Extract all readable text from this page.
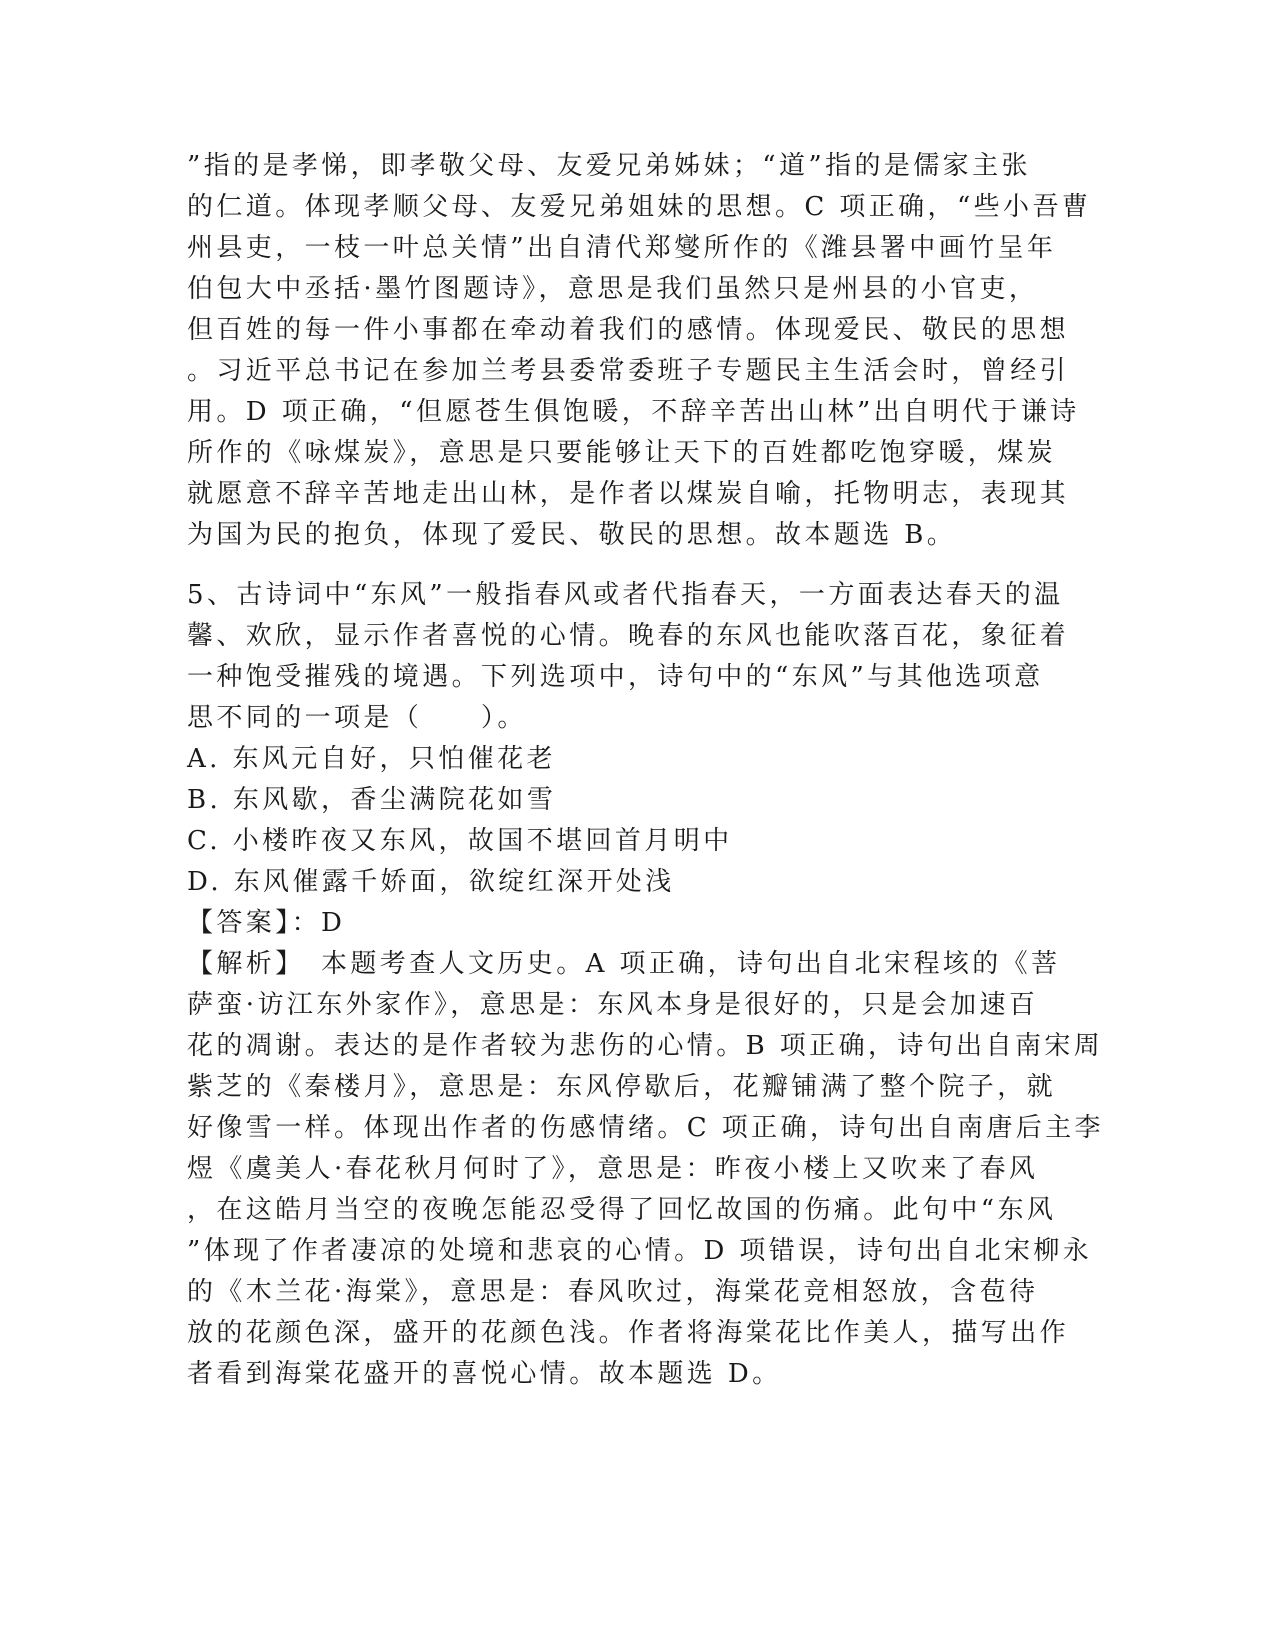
”指的是孝悌，即孝敬父母、友爱兄弟姊妹；“道”指的是儒家主张
的仁道。体现孝顺父母、友爱兄弟姐妹的思想。C 项正确，“些小吾曹
州县吏，一枝一叶总关情”出自清代郑燮所作的《潍县署中画竹呈年
伯包大中丞括·墨竹图题诗》，意思是我们虽然只是州县的小官吏，
但百姓的每一件小事都在牵动着我们的感情。体现爱民、敬民的思想
。习近平总书记在参加兰考县委常委班子专题民主生活会时，曾经引
用。D 项正确，“但愿苍生俱饱暖，不辞辛苦出山林”出自明代于谦诗
所作的《咏煤炭》，意思是只要能够让天下的百姓都吃饱穿暖，煤炭
就愿意不辞辛苦地走出山林，是作者以煤炭自喻，托物明志，表现其
为国为民的抱负，体现了爱民、敬民的思想。故本题选 B。
5、古诗词中“东风”一般指春风或者代指春天，一方面表达春天的温
馨、欢欣，显示作者喜悦的心情。晚春的东风也能吹落百花，象征着
一种饱受摧残的境遇。下列选项中，诗句中的“东风”与其他选项意
思不同的一项是（　　）。
A. 东风元自好，只怕催花老
B. 东风歇，香尘满院花如雪
C. 小楼昨夜又东风，故国不堪回首月明中
D. 东风催露千娇面，欲绽红深开处浅
【答案】：D
【解析】　本题考查人文历史。A 项正确，诗句出自北宋程垓的《菩
萨蛮·访江东外家作》，意思是：东风本身是很好的，只是会加速百
花的凋谢。表达的是作者较为悲伤的心情。B 项正确，诗句出自南宋周
紫芝的《秦楼月》，意思是：东风停歇后，花瓣铺满了整个院子，就
好像雪一样。体现出作者的伤感情绪。C 项正确，诗句出自南唐后主李
煜《虞美人·春花秋月何时了》，意思是：昨夜小楼上又吹来了春风
，在这皓月当空的夜晚怎能忍受得了回忆故国的伤痛。此句中“东风
”体现了作者凄凉的处境和悲哀的心情。D 项错误，诗句出自北宋柳永
的《木兰花·海棠》，意思是：春风吹过，海棠花竞相怒放，含苞待
放的花颜色深，盛开的花颜色浅。作者将海棠花比作美人，描写出作
者看到海棠花盛开的喜悦心情。故本题选 D。
